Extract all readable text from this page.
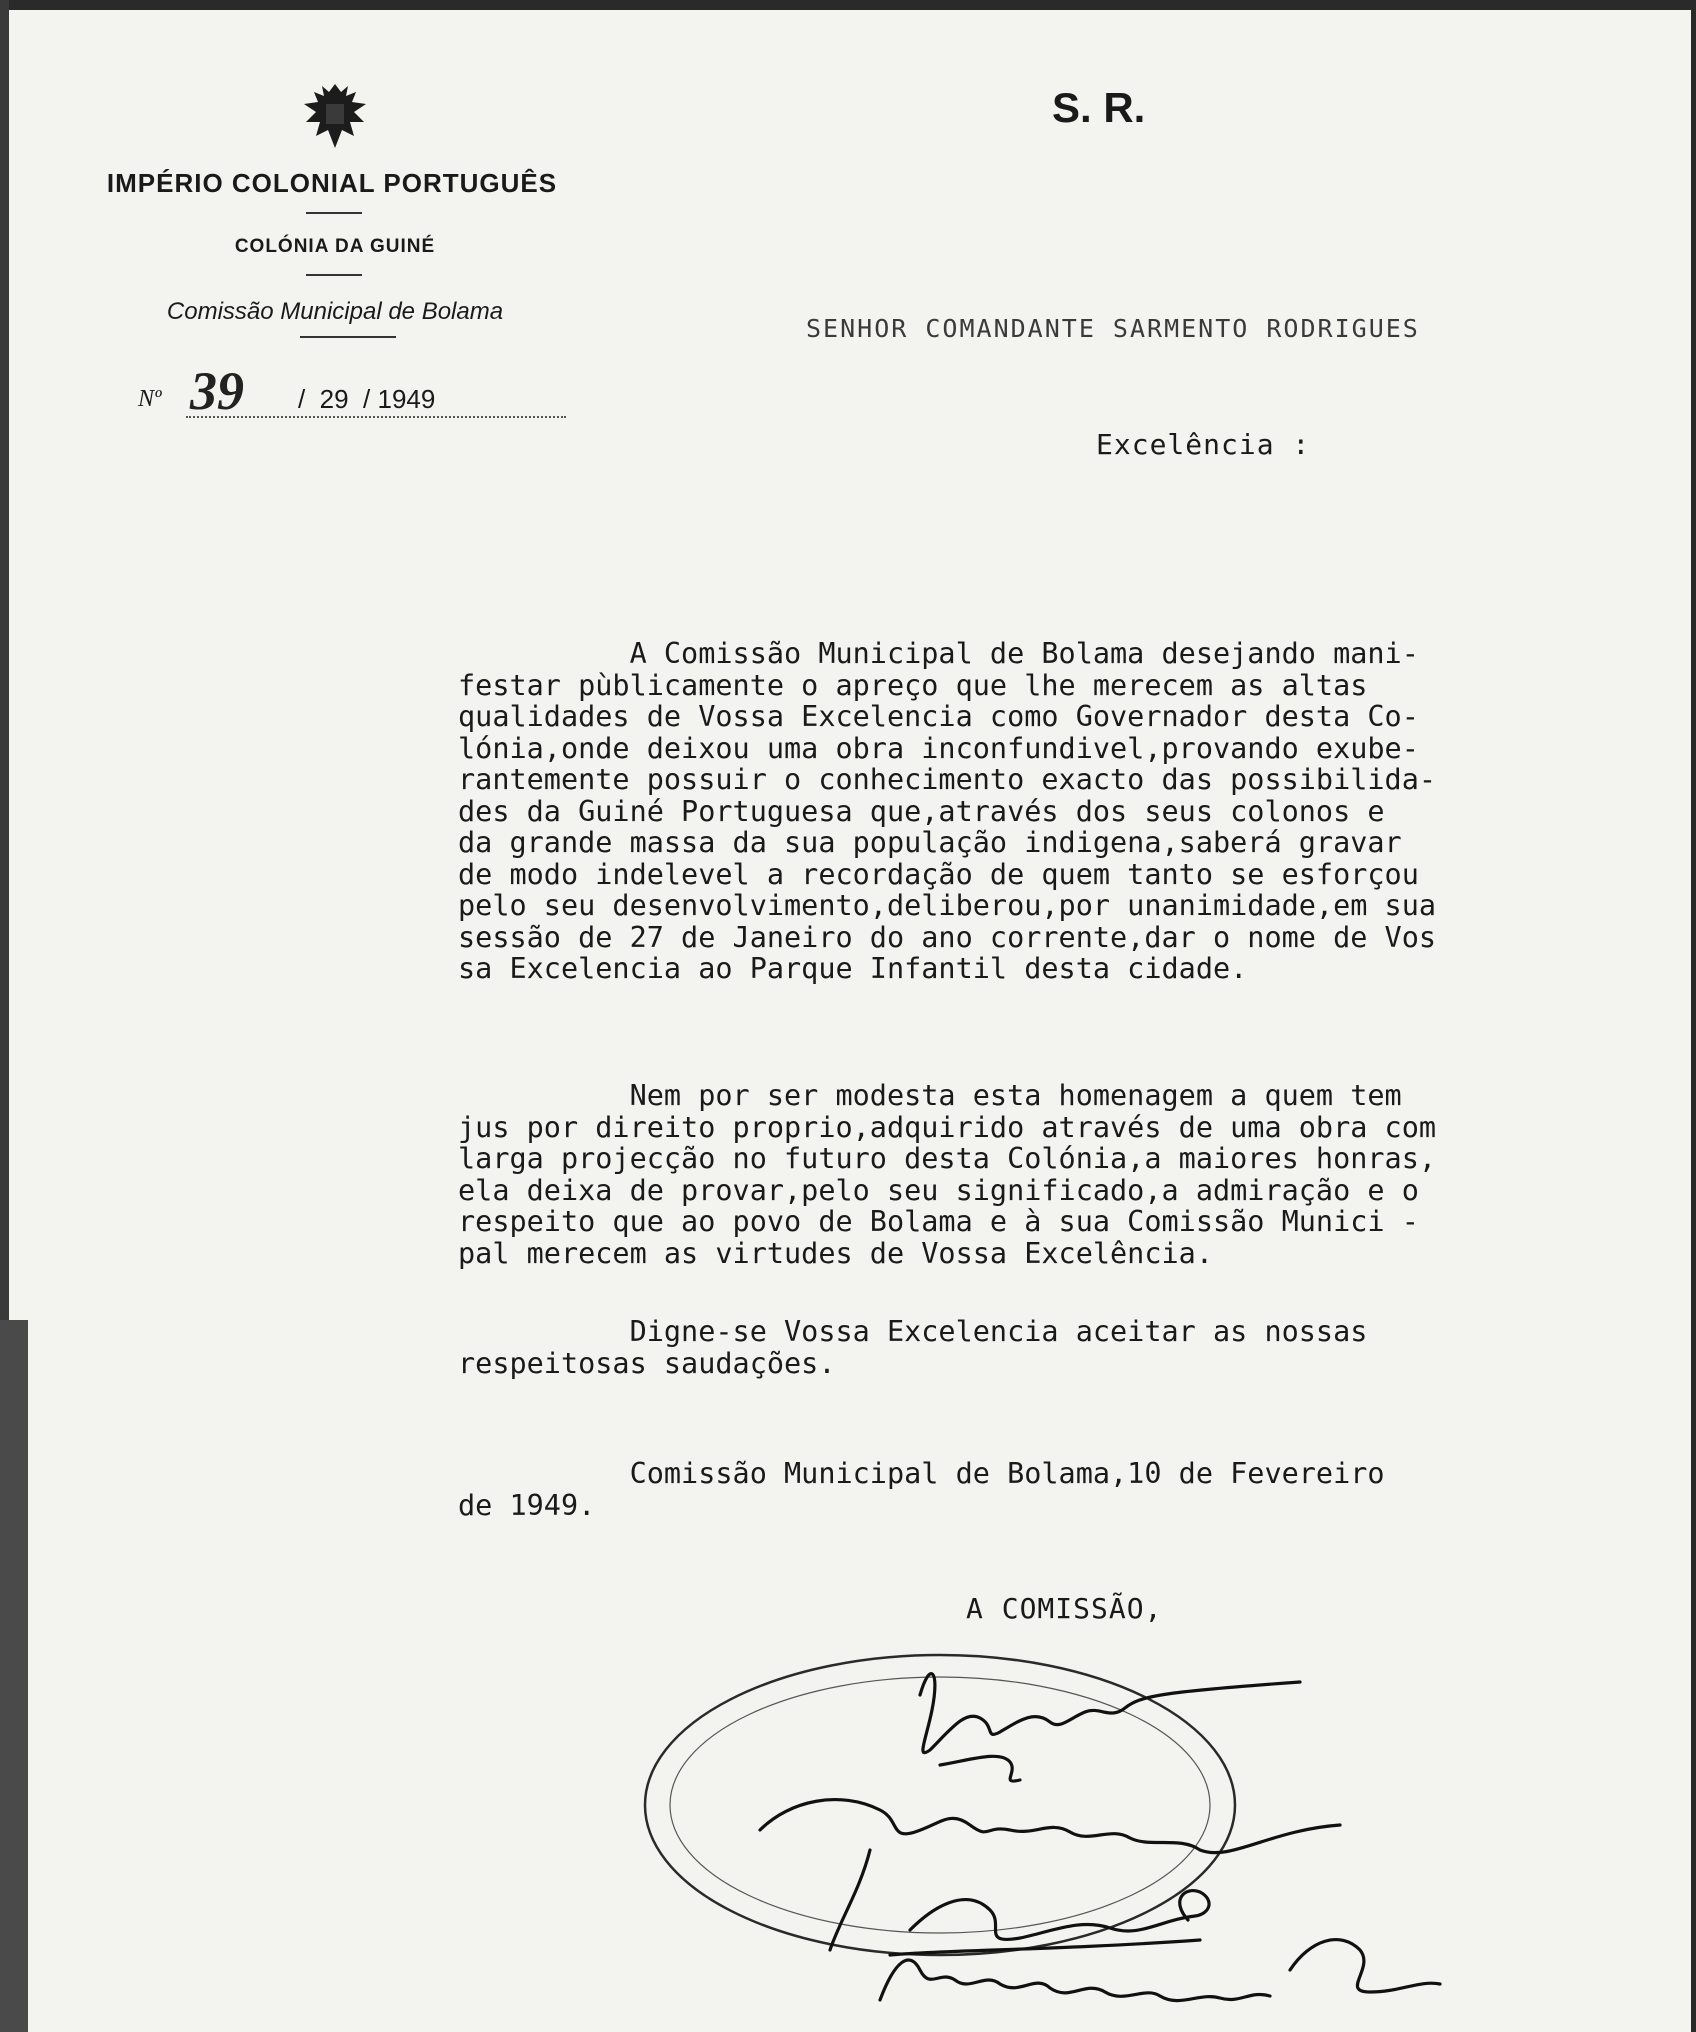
IMPÉRIO COLONIAL PORTUGUÊS
COLÓNIA DA GUINÉ
Comissão Municipal de Bolama
Nº 39 /  29  / 1949
S. R.
SENHOR COMANDANTE SARMENTO RODRIGUES
Excelência :
A Comissão Municipal de Bolama desejando mani-
festar pùblicamente o apreço que lhe merecem as altas
qualidades de Vossa Excelencia como Governador desta Co-
lónia,onde deixou uma obra inconfundivel,provando exube-
rantemente possuir o conhecimento exacto das possibilida-
des da Guiné Portuguesa que,através dos seus colonos e
da grande massa da sua população indigena,saberá gravar
de modo indelevel a recordação de quem tanto se esforçou
pelo seu desenvolvimento,deliberou,por unanimidade,em sua
sessão de 27 de Janeiro do ano corrente,dar o nome de Vos
sa Excelencia ao Parque Infantil desta cidade.
Nem por ser modesta esta homenagem a quem tem
jus por direito proprio,adquirido através de uma obra com
larga projecção no futuro desta Colónia,a maiores honras,
ela deixa de provar,pelo seu significado,a admiração e o
respeito que ao povo de Bolama e à sua Comissão Munici -
pal merecem as virtudes de Vossa Excelência.
Digne-se Vossa Excelencia aceitar as nossas
respeitosas saudações.
Comissão Municipal de Bolama,10 de Fevereiro
de 1949.
A COMISSÃO,
